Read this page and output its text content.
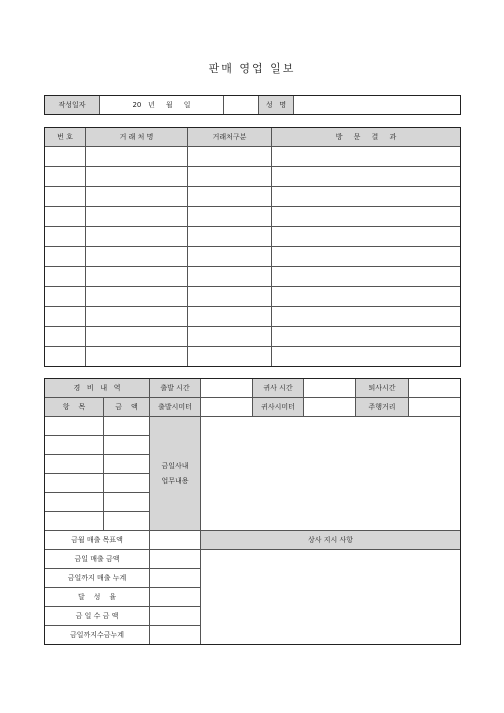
판매 영업 일보
작성일자	20   년     월     일		성   명	
번 호	거 래 처 명	거래처구분	방     문     결     과

경   비   내   역		출발 시간		귀사 시간		퇴사시간	
항    목	금    액	출발시미터		귀사시미터		주행거리	
		금일사내
업무내용					

금월 매출 목표액			상사 지시 사항				
금일 매출 금액							
금일까지 매출 누계							
달    성    율							
금 일 수 금 액							
금일까지수금누계							
